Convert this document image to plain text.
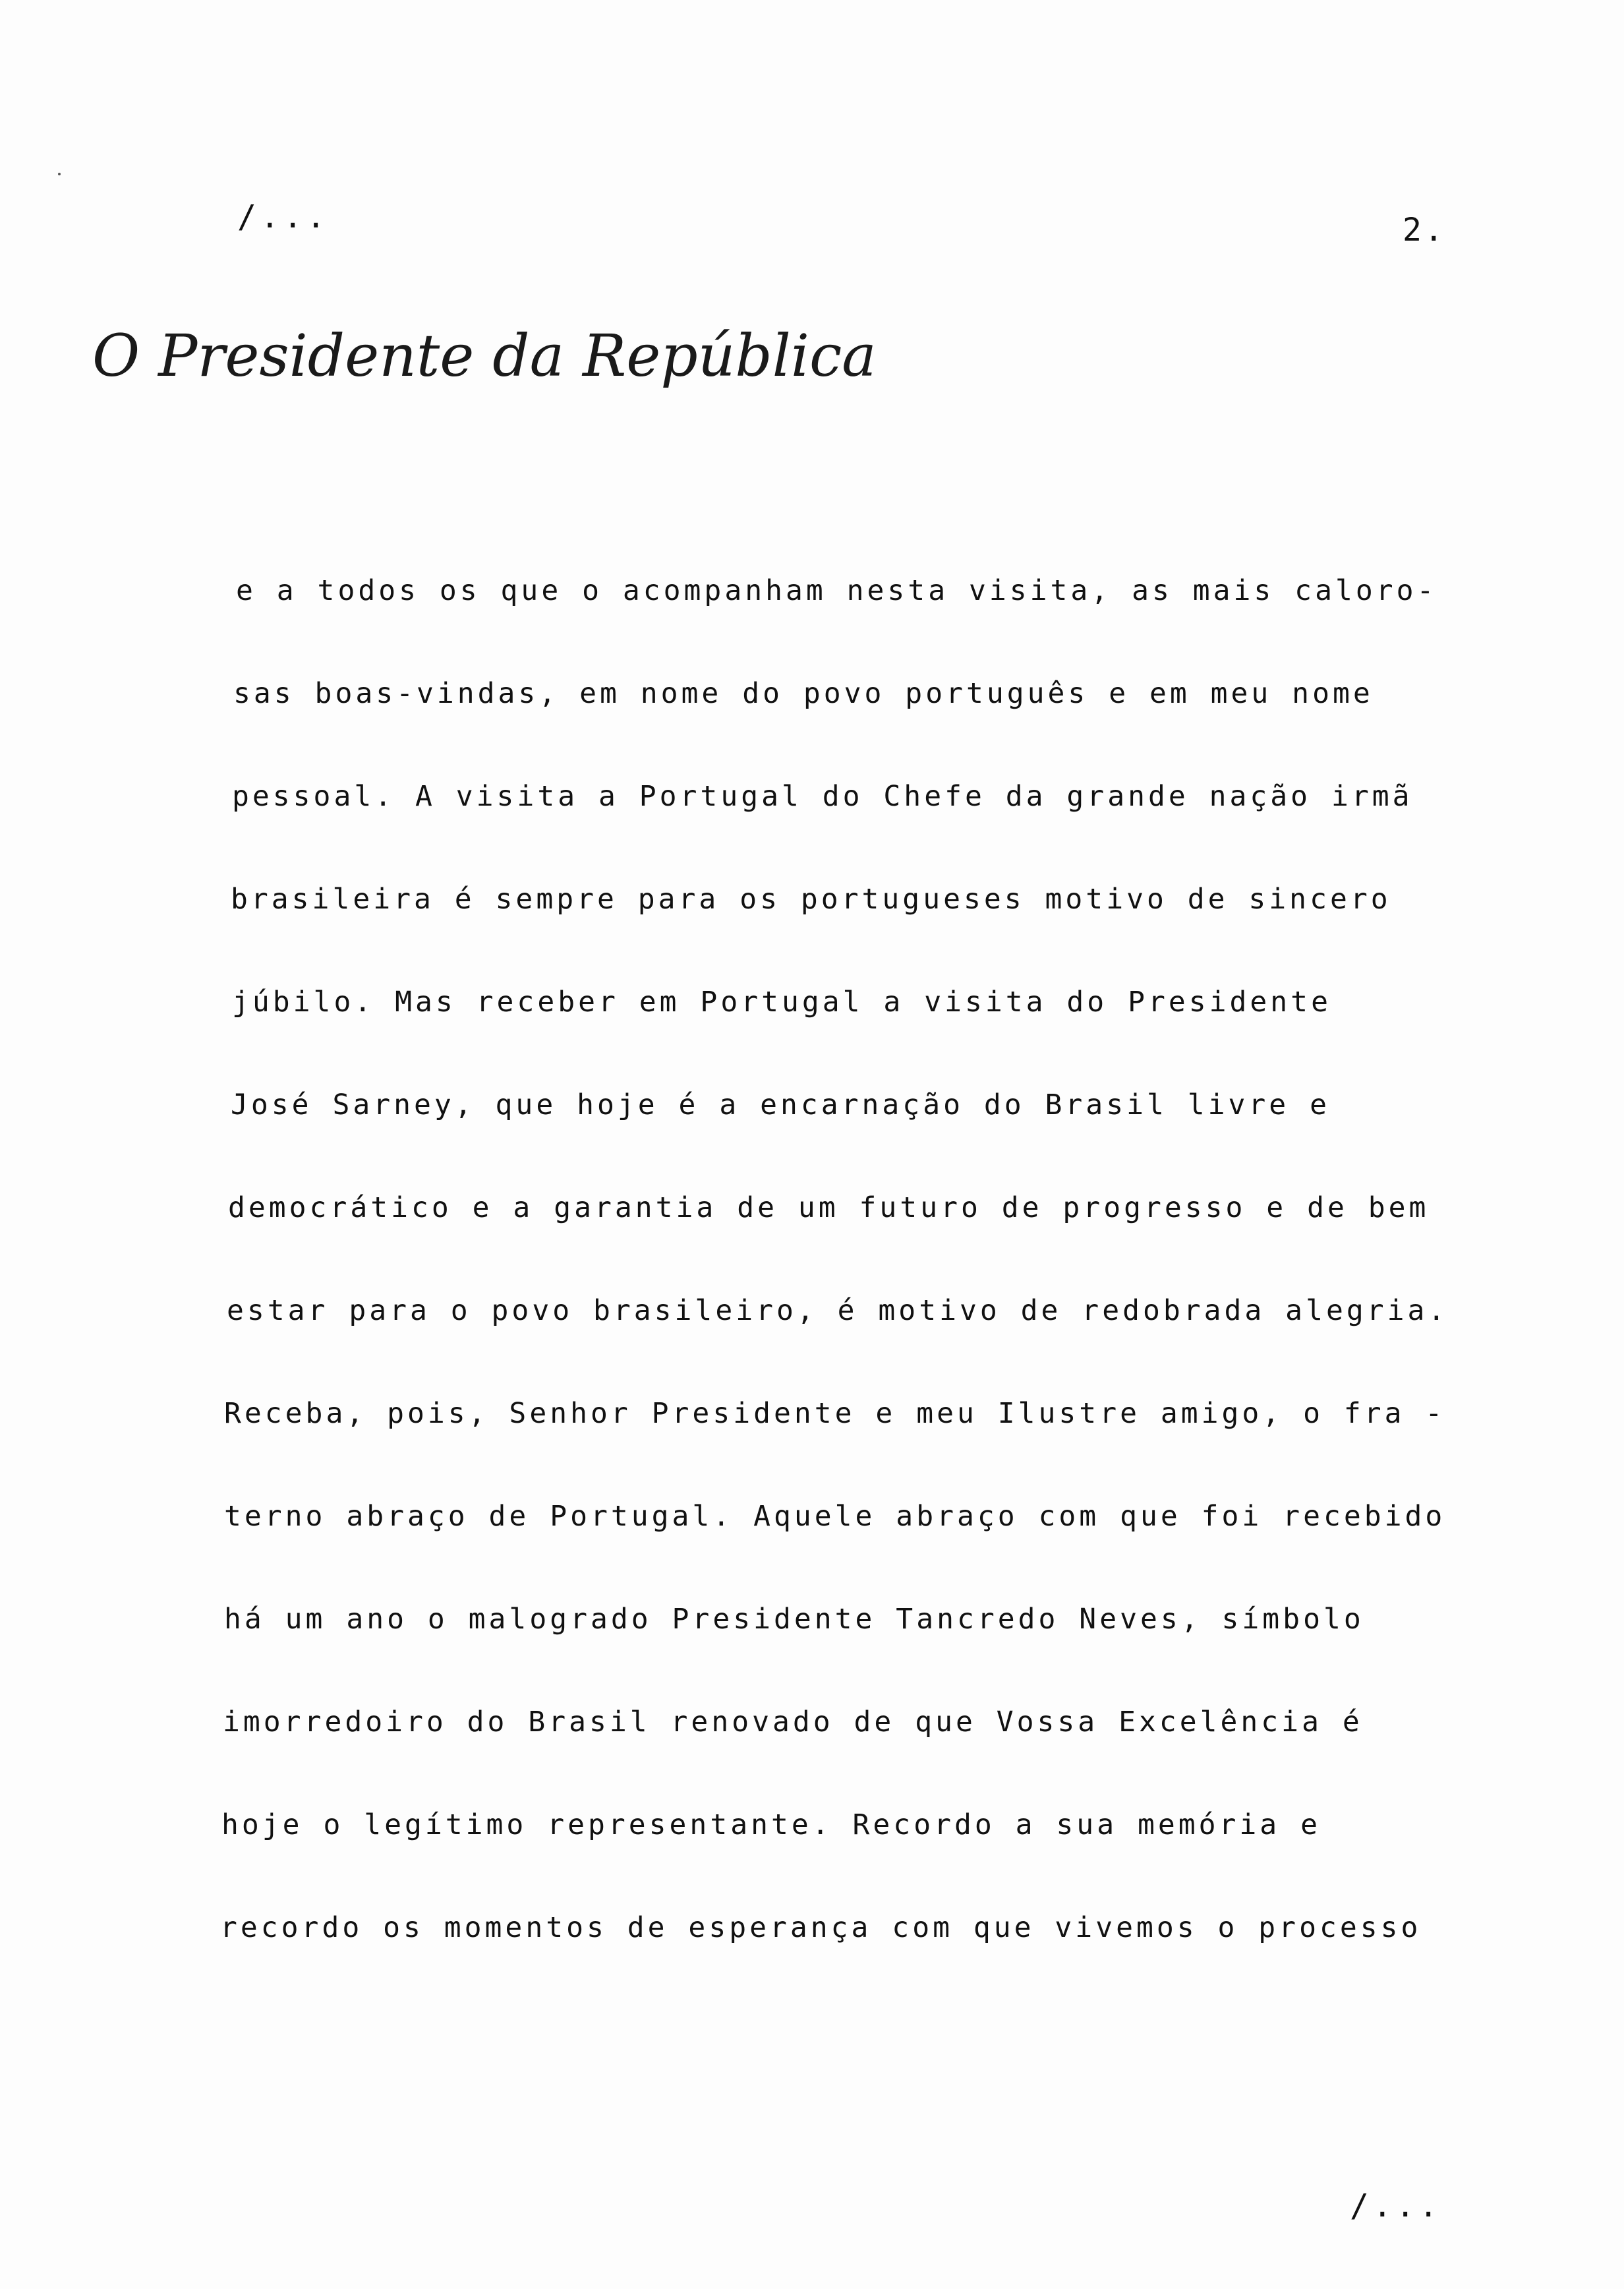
/...	2.
O Presidente da República
e a todos os que o acompanham nesta visita, as mais caloro-
sas boas-vindas, em nome do povo português e em meu nome
pessoal. A visita a Portugal do Chefe da grande nação irmã
brasileira é sempre para os portugueses motivo de sincero
júbilo. Mas receber em Portugal a visita do Presidente
José Sarney, que hoje é a encarnação do Brasil livre e
democrático e a garantia de um futuro de progresso e de bem
estar para o povo brasileiro, é motivo de redobrada alegria.
Receba, pois, Senhor Presidente e meu Ilustre amigo, o fra -
terno abraço de Portugal. Aquele abraço com que foi recebido
há um ano o malogrado Presidente Tancredo Neves, símbolo
imorredoiro do Brasil renovado de que Vossa Excelência é
hoje o legítimo representante. Recordo a sua memória e
recordo os momentos de esperança com que vivemos o processo
/...
